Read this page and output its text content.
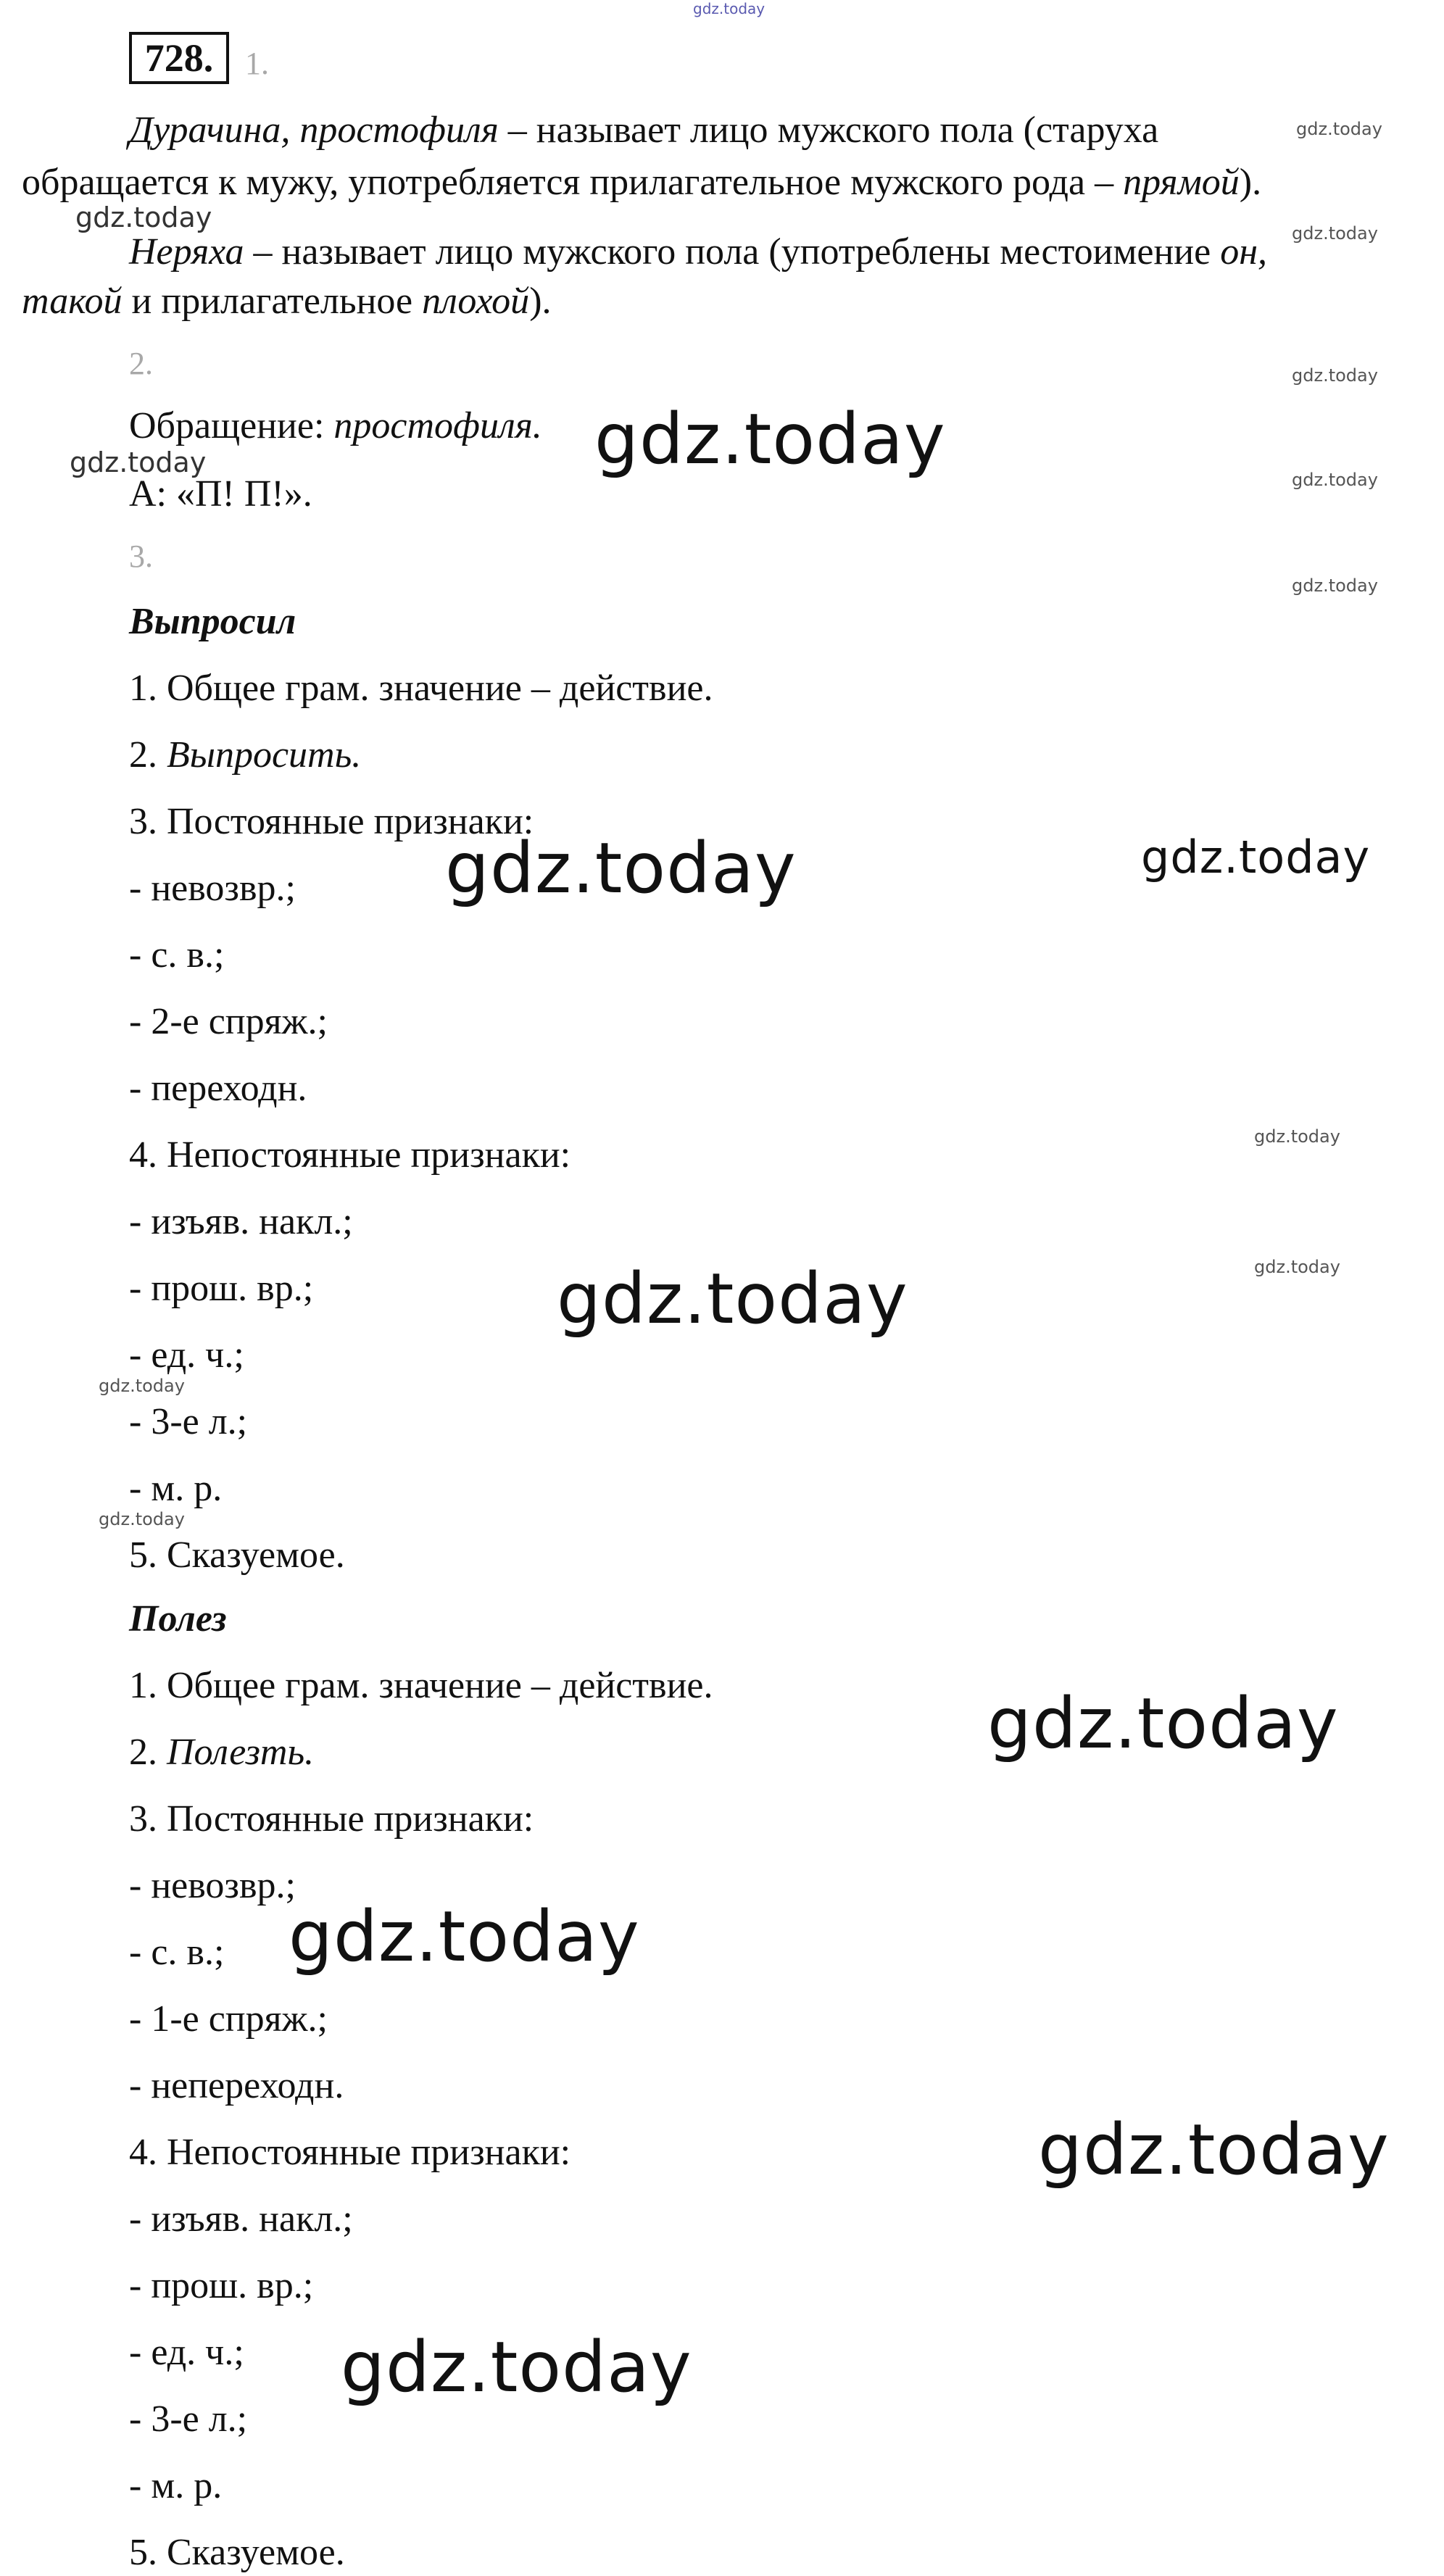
gdz.today
728. 1.
Дурачина, простофиля – называет лицо мужского пола (старуха
обращается к мужу, употребляется прилагательное мужского рода – прямой).
Неряха – называет лицо мужского пола (употреблены местоимение он,
такой и прилагательное плохой).
2.
Обращение: простофиля.
А: «П! П!».
3.
Выпросил
1. Общее грам. значение – действие.
2. Выпросить.
3. Постоянные признаки:
- невозвр.;
- с. в.;
- 2-е спряж.;
- переходн.
4. Непостоянные признаки:
- изъяв. накл.;
- прош. вр.;
- ед. ч.;
- 3-е л.;
- м. р.
5. Сказуемое.
Полез
1. Общее грам. значение – действие.
2. Полезть.
3. Постоянные признаки:
- невозвр.;
- с. в.;
- 1-е спряж.;
- непереходн.
4. Непостоянные признаки:
- изъяв. накл.;
- прош. вр.;
- ед. ч.;
- 3-е л.;
- м. р.
5. Сказуемое.
gdz.today
gdz.today	gdz.today
gdz.today
gdz.today
gdz.today
gdz.today
gdz.today
gdz.today
gdz.today
gdz.today
gdz.today
gdz.today
gdz.today
gdz.today
gdz.today
gdz.today
gdz.today
gdz.today
